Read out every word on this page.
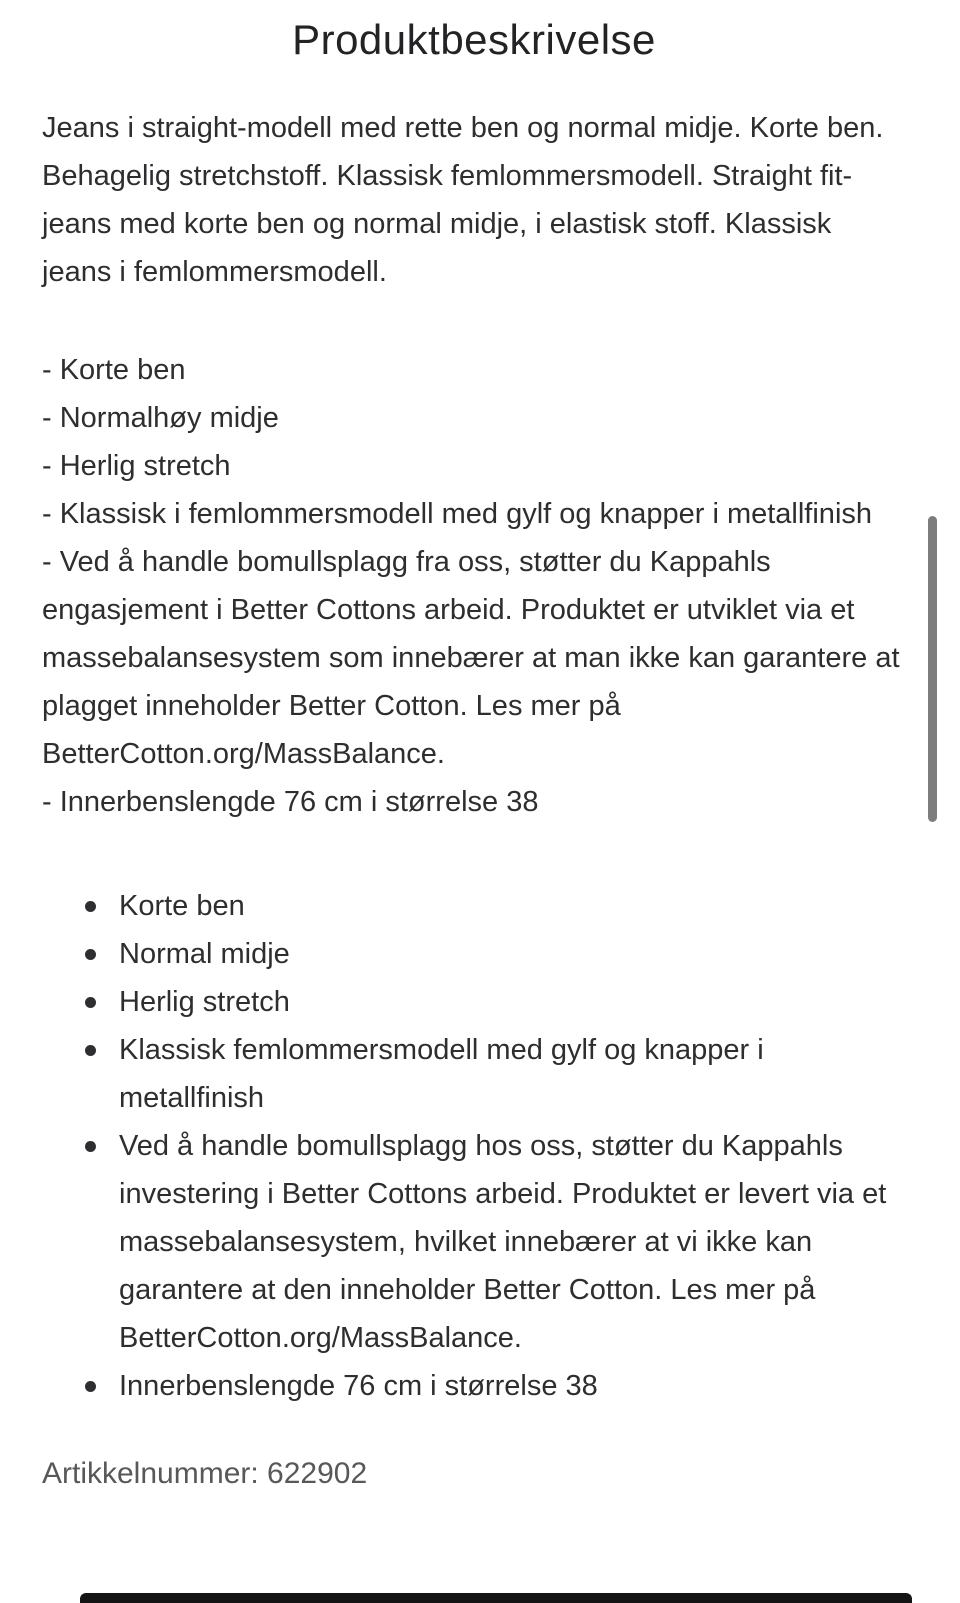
Produktbeskrivelse

Jeans i straight-modell med rette ben og normal midje. Korte ben. Behagelig stretchstoff. Klassisk femlommersmodell. Straight fit-jeans med korte ben og normal midje, i elastisk stoff. Klassisk jeans i femlommersmodell.

- Korte ben
- Normalhøy midje
- Herlig stretch
- Klassisk i femlommersmodell med gylf og knapper i metallfinish
- Ved å handle bomullsplagg fra oss, støtter du Kappahls engasjement i Better Cottons arbeid. Produktet er utviklet via et massebalansesystem som innebærer at man ikke kan garantere at plagget inneholder Better Cotton. Les mer på BetterCotton.org/MassBalance.
- Innerbenslengde 76 cm i størrelse 38
Korte ben
Normal midje
Herlig stretch
Klassisk femlommersmodell med gylf og knapper i metallfinish
Ved å handle bomullsplagg hos oss, støtter du Kappahls investering i Better Cottons arbeid. Produktet er levert via et massebalansesystem, hvilket innebærer at vi ikke kan garantere at den inneholder Better Cotton. Les mer på BetterCotton.org/MassBalance.
Innerbenslengde 76 cm i størrelse 38

Artikkelnummer: 622902
